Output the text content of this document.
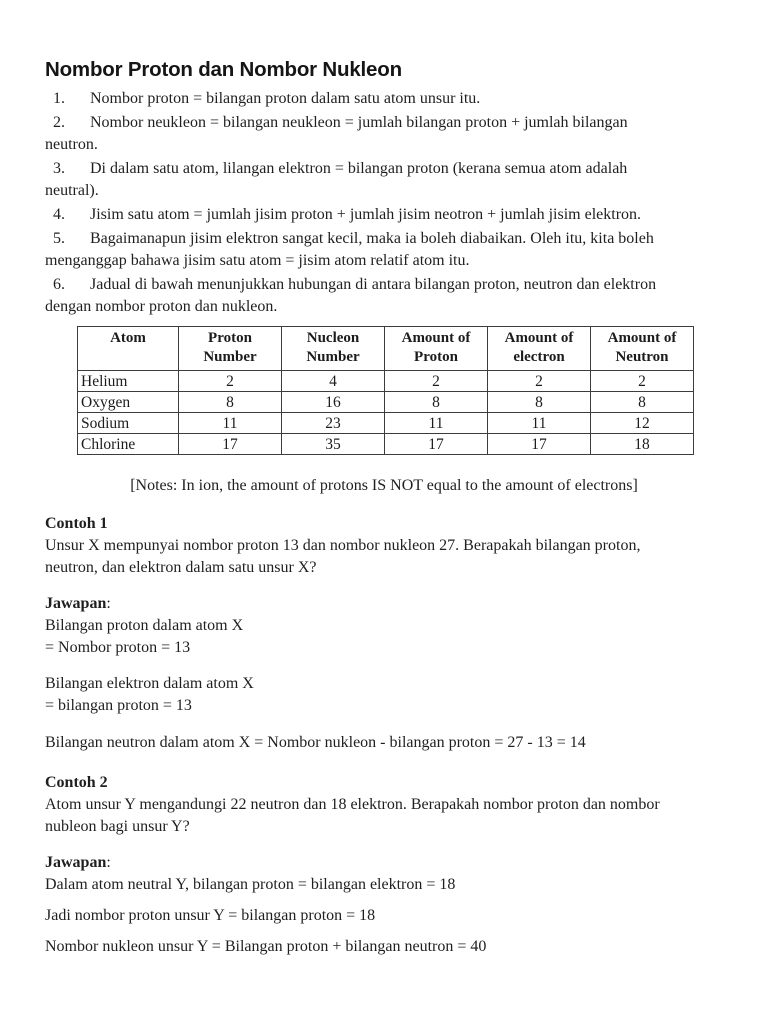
Nombor Proton dan Nombor Nukleon

1. Nombor proton = bilangan proton dalam satu atom unsur itu.

2. Nombor neukleon = bilangan neukleon = jumlah bilangan proton + jumlah bilangan neutron.

3. Di dalam satu atom, lilangan elektron = bilangan proton (kerana semua atom adalah neutral).

4. Jisim satu atom = jumlah jisim proton + jumlah jisim neotron + jumlah jisim elektron.

5. Bagaimanapun jisim elektron sangat kecil, maka ia boleh diabaikan. Oleh itu, kita boleh menganggap bahawa jisim satu atom = jisim atom relatif atom itu.

6. Jadual di bawah menunjukkan hubungan di antara bilangan proton, neutron dan elektron dengan nombor proton dan nukleon.

Atom	Proton Number	Nucleon Number	Amount of Proton	Amount of electron	Amount of Neutron
Helium	2	4	2	2	2
Oxygen	8	16	8	8	8
Sodium	11	23	11	11	12
Chlorine	17	35	17	17	18

[Notes: In ion, the amount of protons IS NOT equal to the amount of electrons]

Contoh 1

Unsur X mempunyai nombor proton 13 dan nombor nukleon 27. Berapakah bilangan proton, neutron, dan elektron dalam satu unsur X?

Jawapan:

Bilangan proton dalam atom X

= Nombor proton = 13

Bilangan elektron dalam atom X

= bilangan proton = 13

Bilangan neutron dalam atom X = Nombor nukleon - bilangan proton = 27 - 13 = 14

Contoh 2

Atom unsur Y mengandungi 22 neutron dan 18 elektron. Berapakah nombor proton dan nombor nubleon bagi unsur Y?

Jawapan:

Dalam atom neutral Y, bilangan proton = bilangan elektron = 18

Jadi nombor proton unsur Y = bilangan proton = 18

Nombor nukleon unsur Y = Bilangan proton + bilangan neutron = 40
